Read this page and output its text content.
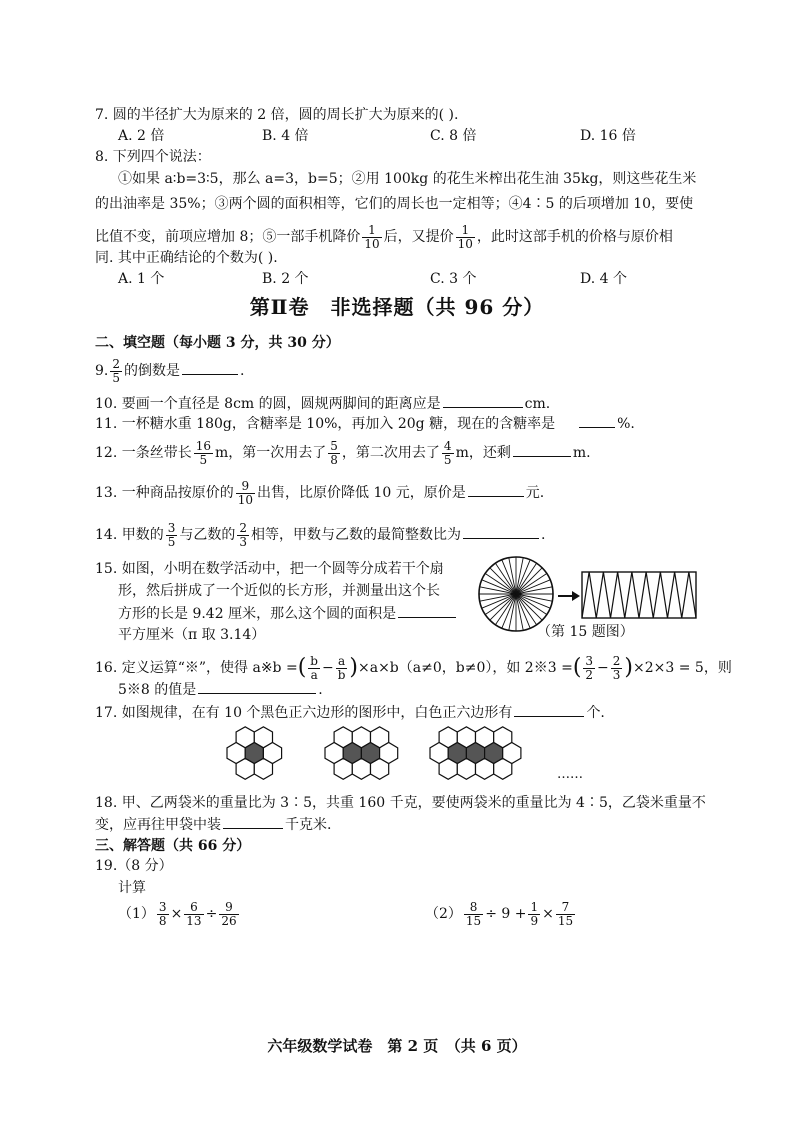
7. 圆的半径扩大为原来的 2 倍，圆的周长扩大为原来的( ).
A. 2 倍	B. 4 倍	C. 8 倍	D. 16 倍
8. 下列四个说法：
①如果 a∶b=3∶5，那么 a=3，b=5；②用 100kg 的花生米榨出花生油 35kg，则这些花生米
的出油率是 35%；③两个圆的面积相等，它们的周长也一定相等；④4∶5 的后项增加 10，要使
比值不变，前项应增加 8；⑤一部手机降价 $\frac{1}{10}$ 后，又提价 $\frac{1}{10}$ ，此时这部手机的价格与原价相
同. 其中正确结论的个数为( ).
A. 1 个	B. 2 个	C. 3 个	D. 4 个
第Ⅱ卷　非选择题（共 96 分）
二、填空题（每小题 3 分，共 30 分）
9. $\frac{2}{5}$ 的倒数是	.
10. 要画一个直径是 8cm 的圆，圆规两脚间的距离应是	cm.
11. 一杯糖水重 180g，含糖率是 10%，再加入 20g 糖，现在的含糖率是	%.
12. 一条丝带长 $\frac{16}{5}$ m，第一次用去了 $\frac{5}{8}$ ，第二次用去了 $\frac{4}{5}$ m，还剩	m.
13. 一种商品按原价的 $\frac{9}{10}$ 出售，比原价降低 10 元，原价是	元.
14. 甲数的 $\frac{3}{5}$ 与乙数的 $\frac{2}{3}$ 相等，甲数与乙数的最简整数比为	.
15. 如图，小明在数学活动中，把一个圆等分成若干个扇
形，然后拼成了一个近似的长方形，并测量出这个长
方形的长是 9.42 厘米，那么这个圆的面积是
平方厘米（π 取 3.14）	（第 15 题图）
16. 定义运算“※”，使得 a※b =( $\frac{b}{a} - \frac{a}{b} )\times a\times b(a\ne 0$，b≠0），如 2※3 =( $\frac{3}{2} - \frac{2}{3} )\times 2\times 3 = 5$，则
5※8 的值是	.
17. 如图规律，在有 10 个黑色正六边形的图形中，白色正六边形有	个.
……
18. 甲、乙两袋米的重量比为 3∶5，共重 160 千克，要使两袋米的重量比为 4∶5，乙袋米重量不
变，应再往甲袋中装	千克米.
三、解答题（共 66 分）
19.（8 分）
计算
$(1) \frac{3}{8} \times \frac{6}{13} \div \frac{9}{26}$	$(2) \frac{8}{15} \div 9 + \frac{1}{9} \times \frac{7}{15}$
六年级数学试卷　第 2 页　（共 6 页）
